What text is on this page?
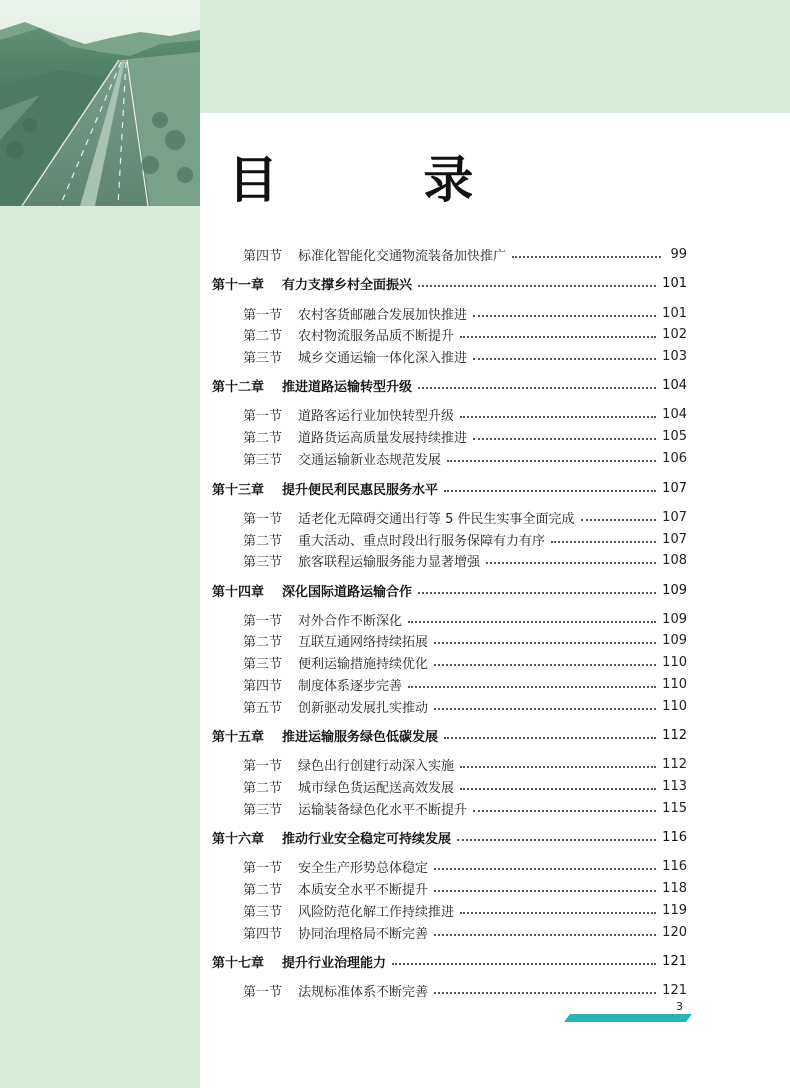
目 录
第四节	标准化智能化交通物流装备加快推广	99
第十一章	有力支撑乡村全面振兴	101
第一节	农村客货邮融合发展加快推进	101
第二节	农村物流服务品质不断提升	102
第三节	城乡交通运输一体化深入推进	103
第十二章	推进道路运输转型升级	104
第一节	道路客运行业加快转型升级	104
第二节	道路货运高质量发展持续推进	105
第三节	交通运输新业态规范发展	106
第十三章	提升便民利民惠民服务水平	107
第一节	适老化无障碍交通出行等 5 件民生实事全面完成	107
第二节	重大活动、重点时段出行服务保障有力有序	107
第三节	旅客联程运输服务能力显著增强	108
第十四章	深化国际道路运输合作	109
第一节	对外合作不断深化	109
第二节	互联互通网络持续拓展	109
第三节	便利运输措施持续优化	110
第四节	制度体系逐步完善	110
第五节	创新驱动发展扎实推动	110
第十五章	推进运输服务绿色低碳发展	112
第一节	绿色出行创建行动深入实施	112
第二节	城市绿色货运配送高效发展	113
第三节	运输装备绿色化水平不断提升	115
第十六章	推动行业安全稳定可持续发展	116
第一节	安全生产形势总体稳定	116
第二节	本质安全水平不断提升	118
第三节	风险防范化解工作持续推进	119
第四节	协同治理格局不断完善	120
第十七章	提升行业治理能力	121
第一节	法规标准体系不断完善	121
3
